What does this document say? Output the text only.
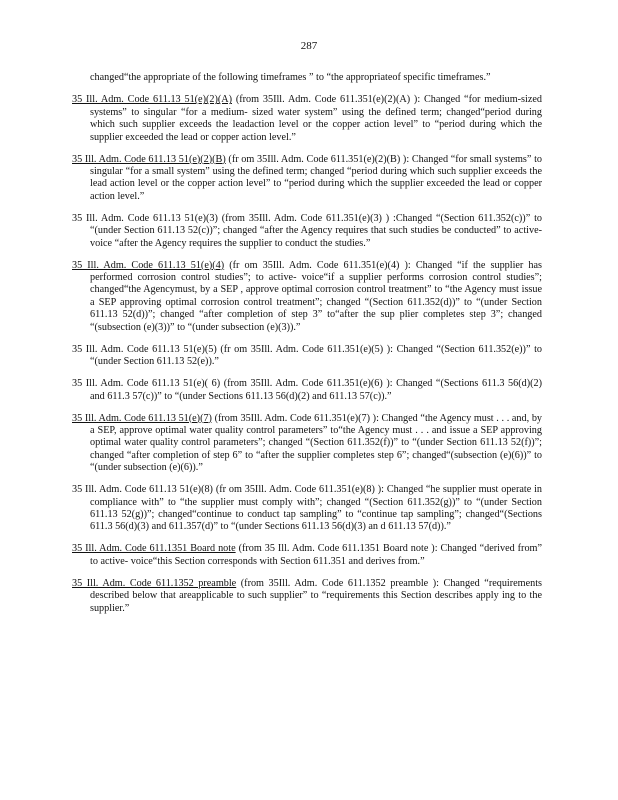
287

changed“the appropriate of the following timeframes ” to “the appropriateof specific timeframes.”

35 Ill. Adm. Code 611.13 51(e)(2)(A) (from 35Ill. Adm. Code 611.351(e)(2)(A) ): Changed “for medium-sized systems” to singular “for a medium- sized water system” using the defined term; changed“period during which such supplier exceeds the leadaction level or the copper action level” to “period during which the supplier exceeded the lead or copper action level.”

35 Ill. Adm. Code 611.13 51(e)(2)(B) (fr om 35Ill. Adm. Code 611.351(e)(2)(B) ): Changed “for small systems” to singular “for a small system” using the defined term; changed “period during which such supplier exceeds the lead action level or the copper action level” to “period during which the supplier exceeded the lead or copper action level.”

35 Ill. Adm. Code 611.13 51(e)(3) (from 35Ill. Adm. Code 611.351(e)(3) ) :Changed “(Section 611.352(c))” to “(under Section 611.13 52(c))”; changed “after the Agency requires that such studies be conducted” to active-voice “after the Agency requires the supplier to conduct the studies.”

35 Ill. Adm. Code 611.13 51(e)(4) (fr om 35Ill. Adm. Code 611.351(e)(4) ): Changed “if the supplier has performed corrosion control studies”; to active- voice“if a supplier performs corrosion control studies”; changed“the Agencymust, by a SEP , approve optimal corrosion control treatment” to “the Agency must issue a SEP approving optimal corrosion control treatment”; changed “(Section 611.352(d))” to “(under Section 611.13 52(d))”; changed “after completion of step 3” to“after the sup plier completes step 3”; changed “(subsection (e)(3))” to “(under subsection (e)(3)).”

35 Ill. Adm. Code 611.13 51(e)(5) (fr om 35Ill. Adm. Code 611.351(e)(5) ): Changed “(Section 611.352(e))” to “(under Section 611.13 52(e)).”

35 Ill. Adm. Code 611.13 51(e)( 6) (from 35Ill. Adm. Code 611.351(e)(6) ): Changed “(Sections 611.3 56(d)(2) and 611.3 57(c))” to “(under Sections 611.13 56(d)(2) and 611.13 57(c)).”

35 Ill. Adm. Code 611.13 51(e)(7) (from 35Ill. Adm. Code 611.351(e)(7) ): Changed “the Agency must . . . and, by a SEP, approve optimal water quality control parameters” to“the Agency must . . . and issue a SEP approving optimal water quality control parameters”; changed “(Section 611.352(f))” to “(under Section 611.13 52(f))”; changed “after completion of step 6” to “after the supplier completes step 6”; changed“(subsection (e)(6))” to “(under subsection (e)(6)).”

35 Ill. Adm. Code 611.13 51(e)(8) (fr om 35Ill. Adm. Code 611.351(e)(8) ): Changed “he supplier must operate in compliance with” to “the supplier must comply with”; changed “(Section 611.352(g))” to “(under Section 611.13 52(g))”; changed“continue to conduct tap sampling” to “continue tap sampling”; changed“(Sections 611.3 56(d)(3) and 611.357(d)” to “(under Sections 611.13 56(d)(3) an d 611.13 57(d)).”

35 Ill. Adm. Code 611.1351 Board note (from 35 Ill. Adm. Code 611.1351 Board note ): Changed “derived from” to active- voice“this Section corresponds with Section 611.351 and derives from.”

35 Ill. Adm. Code 611.1352 preamble (from 35Ill. Adm. Code 611.1352 preamble ): Changed “requirements described below that areapplicable to such supplier” to “requirements this Section describes apply ing to the supplier.”
